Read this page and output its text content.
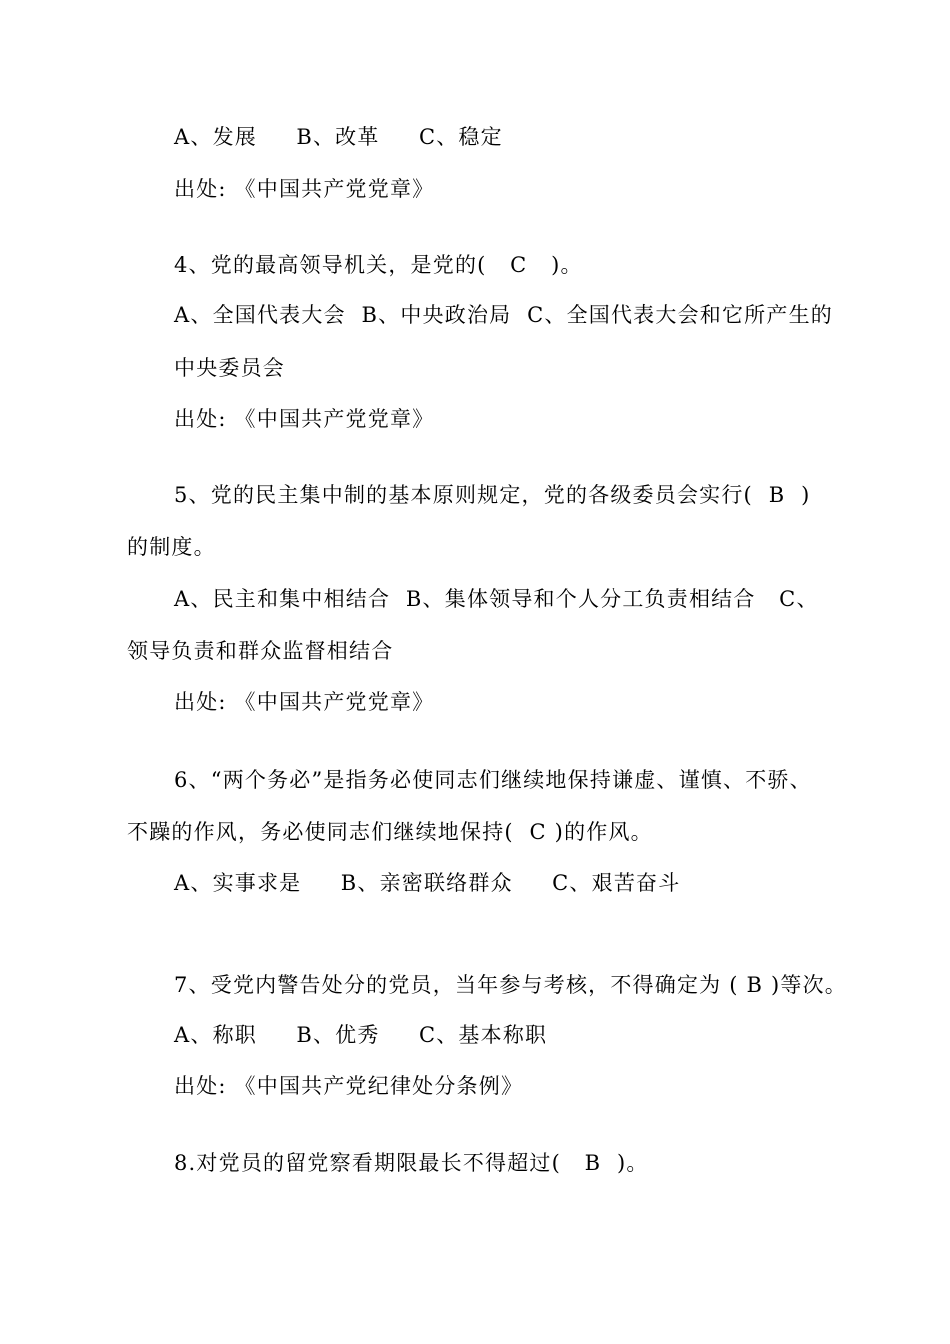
A、发展     B、改革     C、稳定
出处: 《中国共产党党章》
4、党的最高领导机关，是党的(   C   )。
A、全国代表大会  B、中央政治局  C、全国代表大会和它所产生的
中央委员会
出处: 《中国共产党党章》
5、党的民主集中制的基本原则规定，党的各级委员会实行(  B  )
的制度。
A、民主和集中相结合  B、集体领导和个人分工负责相结合   C、
领导负责和群众监督相结合
出处: 《中国共产党党章》
6、“两个务必”是指务必使同志们继续地保持谦虚、谨慎、不骄、
不躁的作风，务必使同志们继续地保持(  C )的作风。
A、实事求是     B、亲密联络群众     C、艰苦奋斗
7、受党内警告处分的党员，当年参与考核，不得确定为 ( B )等次。
A、称职     B、优秀     C、基本称职
出处: 《中国共产党纪律处分条例》
8.对党员的留党察看期限最长不得超过(   B  )。
